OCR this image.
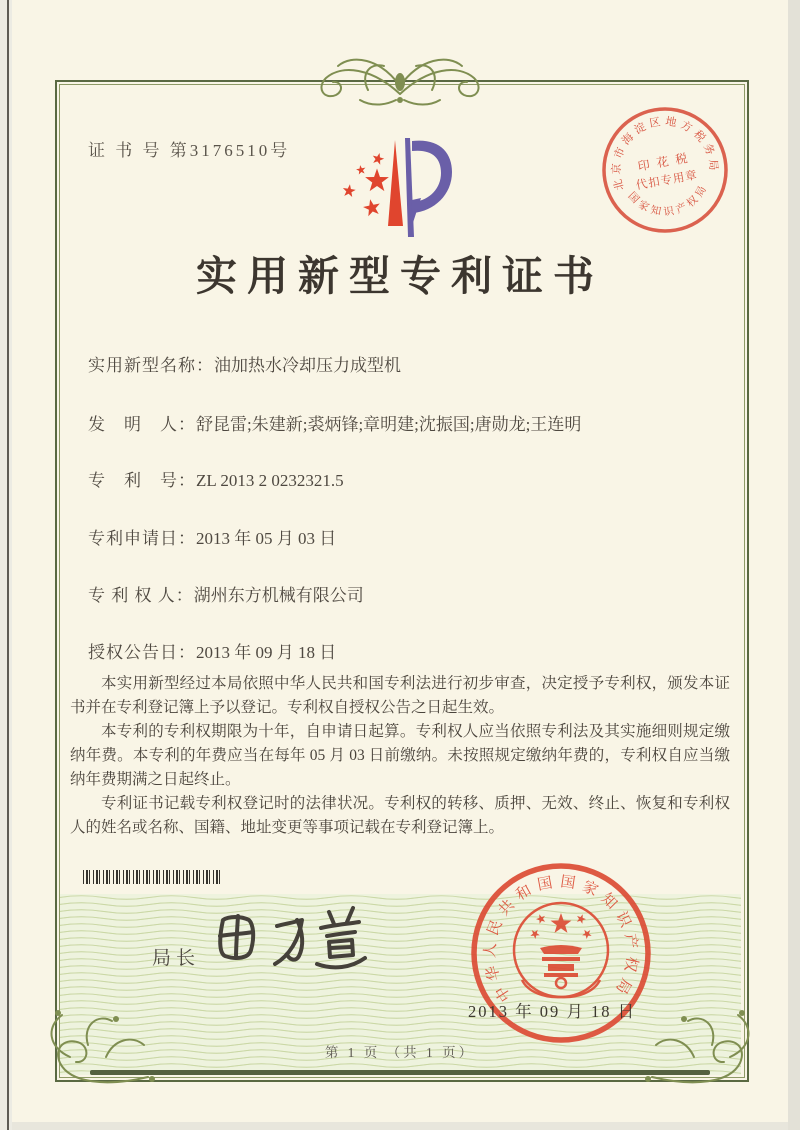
证 书 号 第3176510号
北京市海淀区地方税务局
国家知识产权局
印 花 税
代扣专用章
实用新型专利证书
实用新型名称：油加热水冷却压力成型机
发　明　人：舒昆雷;朱建新;裘炳锋;章明建;沈振国;唐勋龙;王连明
专　利　号：ZL 2013 2 0232321.5
专利申请日：2013 年 05 月 03 日
专 利 权 人：湖州东方机械有限公司
授权公告日：2013 年 09 月 18 日

本实用新型经过本局依照中华人民共和国专利法进行初步审查，决定授予专利权，颁发本证书并在专利登记簿上予以登记。专利权自授权公告之日起生效。

本专利的专利权期限为十年，自申请日起算。专利权人应当依照专利法及其实施细则规定缴纳年费。本专利的年费应当在每年 05 月 03 日前缴纳。未按照规定缴纳年费的，专利权自应当缴纳年费期满之日起终止。

专利证书记载专利权登记时的法律状况。专利权的转移、质押、无效、终止、恢复和专利权人的姓名或名称、国籍、地址变更等事项记载在专利登记簿上。

局长
中华人民共和国国家知识产权局
2013 年 09 月 18 日
第 1 页 （共 1 页）
